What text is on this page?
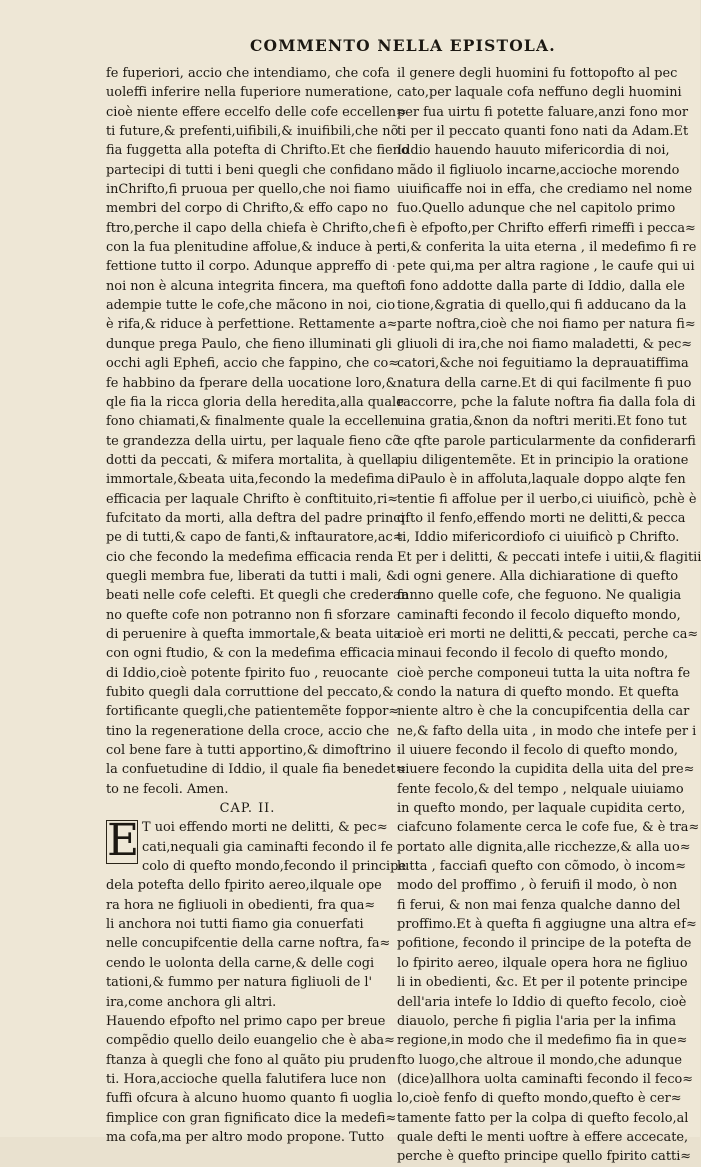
COMMENTO NELLA EPISTOLA.
fe fuperiori, accio che intendiamo, che cofa
uoleffi inferire nella fuperiore numeratione,
cioè niente effere eccelfo delle cofe eccellen≈
ti future,& prefenti,uifibili,& inuifibili,che nõ
fia fuggetta alla potefta di Chrifto.Et che fieno
partecipi di tutti i beni quegli che confidano
inChrifto,fi pruoua per quello,che noi fiamo
membri del corpo di Chrifto,& effo capo no
ftro,perche il capo della chiefa è Chrifto,che
con la fua plenitudine affolue,& induce à per
fettione tutto il corpo. Adunque appreffo di
noi non è alcuna integrita fincera, ma quefto
adempie tutte le cofe,che mãcono in noi, cio
è rifa,& riduce à perfettione. Rettamente a≈
dunque prega Paulo, che fieno illuminati gli
occhi agli Ephefi, accio che fappino, che co≈
fe habbino da fperare della uocatione loro,&
qle fia la ricca gloria della heredita,alla quale
fono chiamati,& finalmente quale la eccellen
te grandezza della uirtu, per laquale fieno cõ
dotti da peccati, & mifera mortalita, à quella
immortale,&beata uita,fecondo la medefima
efficacia per laquale Chrifto è conftituito,ri≈
fufcitato da morti, alla deftra del padre princi
pe di tutti,& capo de fanti,& inftauratore,ac≈
cio che fecondo la medefima efficacia renda
quegli membra fue, liberati da tutti i mali, &
beati nelle cofe celefti. Et quegli che crederan
no quefte cofe non potranno non fi sforzare
di peruenire à quefta immortale,& beata uita
con ogni ftudio, & con la medefima efficacia
di Iddio,cioè potente fpirito fuo , reuocante
fubito quegli dala corruttione del peccato,&
fortificante quegli,che patientemẽte foppor≈
tino la regeneratione della croce, accio che
col bene fare à tutti apportino,& dimoftrino
la confuetudine di Iddio, il quale fia benedet≈
to ne fecoli. Amen.
CAP. II.
E T uoi effendo morti ne delitti, & pec≈
cati,nequali gia caminafti fecondo il fe
colo di quefto mondo,fecondo il principe
dela potefta dello fpirito aereo,ilquale ope
ra hora ne figliuoli in obedienti, fra qua≈
li anchora noi tutti fiamo gia conuerfati
nelle concupifcentie della carne noftra, fa≈
cendo le uolonta della carne,& delle cogi
tationi,& fummo per natura figliuoli de l'
ira,come anchora gli altri.
Hauendo efpofto nel primo capo per breue
compẽdio quello deilo euangelio che è aba≈
ftanza à quegli che fono al quãto piu pruden
ti. Hora,accioche quella falutifera luce non
fuffi ofcura à alcuno huomo quanto fi uoglia
fimplice con gran fignificato dice la medefi≈
ma cofa,ma per altro modo propone. Tutto
·
il genere degli huomini fu fottopofto al pec
cato,per laquale cofa neffuno degli huomini
per fua uirtu fi potette faluare,anzi fono mor
ti per il peccato quanti fono nati da Adam.Et
Iddio hauendo hauuto mifericordia di noi,
mãdo il figliuolo incarne,accioche morendo
uiuificaffe noi in effa, che crediamo nel nome
fuo.Quello adunque che nel capitolo primo
fi è efpofto,per Chrifto efferfi rimeffi i pecca≈
ti,& conferita la uita eterna , il medefimo fi re
pete qui,ma per altra ragione , le caufe qui ui
fi fono addotte dalla parte di Iddio, dalla ele
tione,&gratia di quello,qui fi adducano da la
parte noftra,cioè che noi fiamo per natura fi≈
gliuoli di ira,che noi fiamo maladetti, & pec≈
catori,&che noi feguitiamo la deprauatiffima
natura della carne.Et di qui facilmente fi puo
raccorre, pche la falute noftra fia dalla fola di
uina gratia,&non da noftri meriti.Et fono tut
te qfte parole particularmente da confiderarfi
piu diligentemẽte. Et in principio la oratione
diPaulo è in affoluta,laquale doppo alqte fen
tentie fi affolue per il uerbo,ci uiuificò, pchè è
qfto il fenfo,effendo morti ne delitti,& pecca
ti, Iddio mifericordiofo ci uiuificò p Chrifto.
Et per i delitti, & peccati intefe i uitii,& flagitii
di ogni genere. Alla dichiaratione di quefto
fanno quelle cofe, che feguono. Ne qualigia
caminafti fecondo il fecolo diquefto mondo,
cioè eri morti ne delitti,& peccati, perche ca≈
minaui fecondo il fecolo di quefto mondo,
cioè perche componeui tutta la uita noftra fe
condo la natura di quefto mondo. Et quefta
niente altro è che la concupifcentia della car
ne,& fafto della uita , in modo che intefe per i
il uiuere fecondo il fecolo di quefto mondo,
uiuere fecondo la cupidita della uita del pre≈
fente fecolo,& del tempo , nelquale uiuiamo
in quefto mondo, per laquale cupidita certo,
ciafcuno folamente cerca le cofe fue, & è tra≈
portato alle dignita,alle ricchezze,& alla uo≈
lutta , facciafi quefto con cõmodo, ò incom≈
modo del proffimo , ò feruifi il modo, ò non
fi ferui, & non mai fenza qualche danno del
proffimo.Et à quefta fi aggiugne una altra ef≈
pofitione, fecondo il principe de la potefta de
lo fpirito aereo, ilquale opera hora ne figliuo
li in obedienti, &c. Et per il potente principe
dell'aria intefe lo Iddio di quefto fecolo, cioè
diauolo, perche fi piglia l'aria per la infima
regione,in modo che il medefimo fia in que≈
fto luogo,che altroue il mondo,che adunque
(dice)allhora uolta caminafti fecondo il feco≈
lo,cioè fenfo di quefto mondo,quefto è cer≈
tamente fatto per la colpa di quefto fecolo,al
quale defti le menti uoftre à effere accecate,
perche è quefto principe quello fpirito catti≈
